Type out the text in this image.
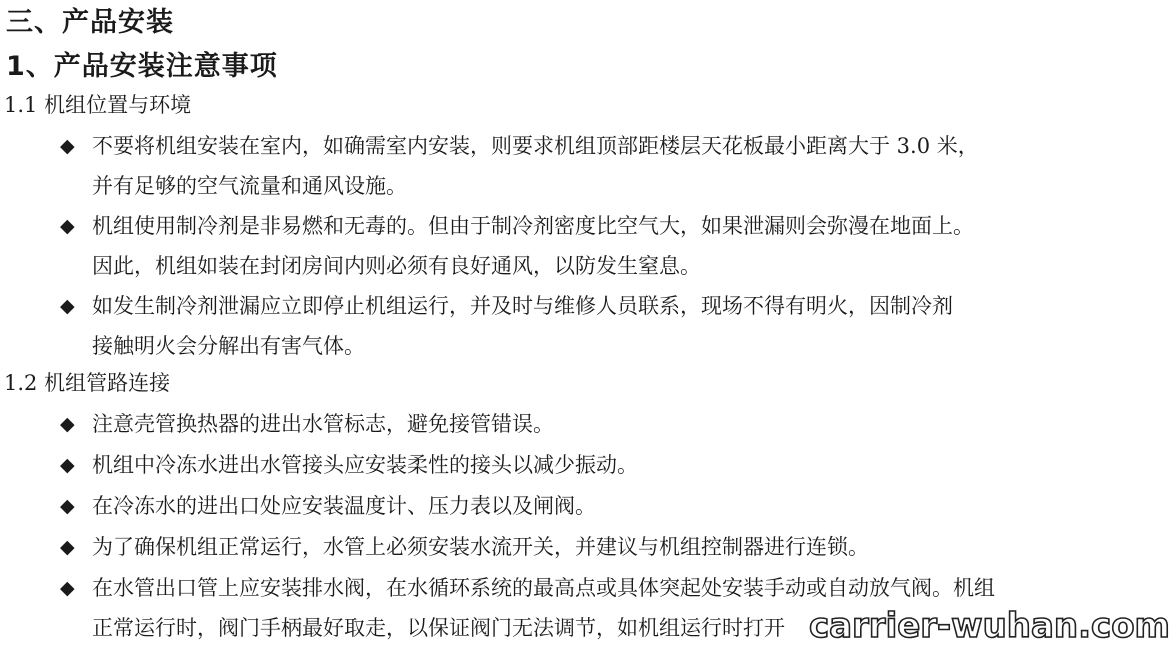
三、产品安装
1、产品安装注意事项
1.1 机组位置与环境
◆ 不要将机组安装在室内，如确需室内安装，则要求机组顶部距楼层天花板最小距离大于 3.0 米，
并有足够的空气流量和通风设施。
◆ 机组使用制冷剂是非易燃和无毒的。但由于制冷剂密度比空气大，如果泄漏则会弥漫在地面上。
因此，机组如装在封闭房间内则必须有良好通风，以防发生窒息。
◆ 如发生制冷剂泄漏应立即停止机组运行，并及时与维修人员联系，现场不得有明火，因制冷剂
接触明火会分解出有害气体。
1.2 机组管路连接
◆ 注意壳管换热器的进出水管标志，避免接管错误。
◆ 机组中冷冻水进出水管接头应安装柔性的接头以减少振动。
◆ 在冷冻水的进出口处应安装温度计、压力表以及闸阀。
◆ 为了确保机组正常运行，水管上必须安装水流开关，并建议与机组控制器进行连锁。
◆ 在水管出口管上应安装排水阀，在水循环系统的最高点或具体突起处安装手动或自动放气阀。机组
正常运行时，阀门手柄最好取走，以保证阀门无法调节，如机组运行时打开 carrier-wuhan.com
